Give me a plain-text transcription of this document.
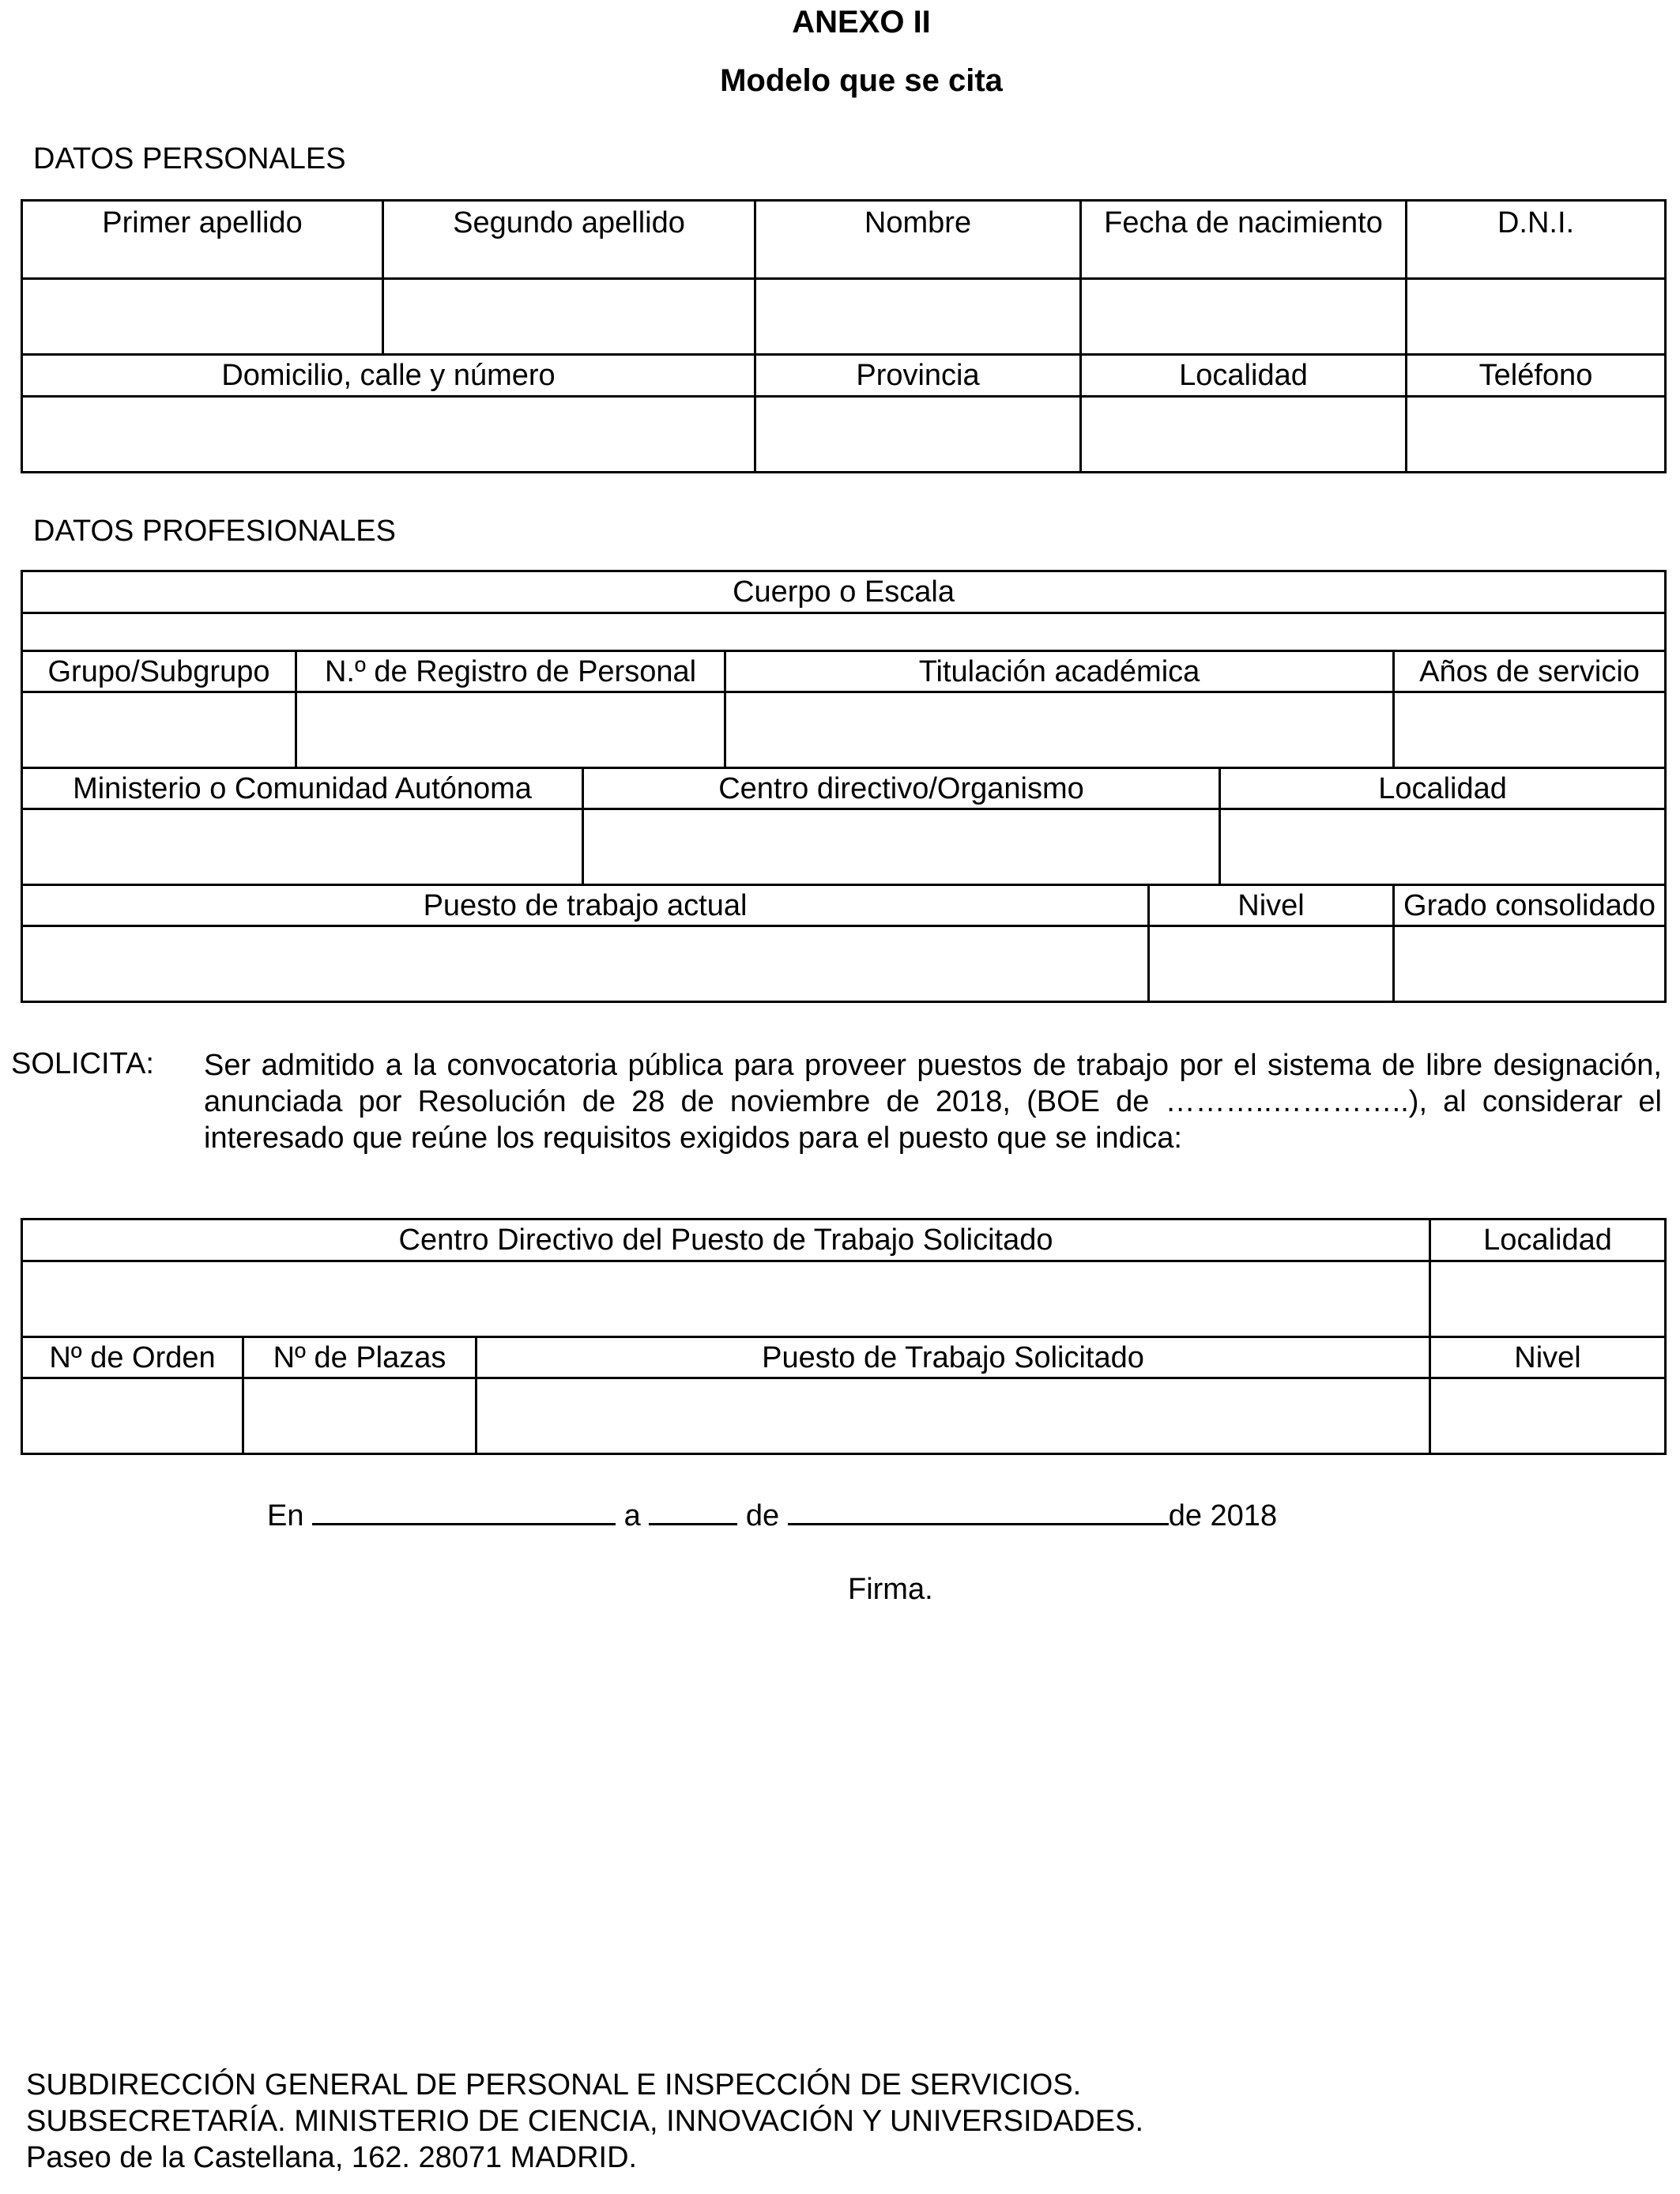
ANEXO II
Modelo que se cita
DATOS PERSONALES
Primer apellido	Segundo apellido	Nombre	Fecha de nacimiento	D.N.I.

Domicilio, calle y número		Provincia	Localidad	Teléfono

DATOS PROFESIONALES
Cuerpo o Escala						

Grupo/Subgrupo	N.º de Registro de Personal		Titulación académica			Años de servicio

Ministerio o Comunidad Autónoma		Centro directivo/Organismo			Localidad	

Puesto de trabajo actual				Nivel		Grado consolidado

SOLICITA: Ser admitido a la convocatoria pública para proveer puestos de trabajo por el sistema de libre designación, anunciada por Resolución de 28 de noviembre de 2018, (BOE de ………..…………..), al considerar el interesado que reúne los requisitos exigidos para el puesto que se indica:
Centro Directivo del Puesto de Trabajo Solicitado			Localidad

Nº de Orden	Nº de Plazas	Puesto de Trabajo Solicitado	Nivel

En	a	de	de 2018
Firma.
SUBDIRECCIÓN GENERAL DE PERSONAL E INSPECCIÓN DE SERVICIOS.
SUBSECRETARÍA. MINISTERIO DE CIENCIA, INNOVACIÓN Y UNIVERSIDADES.
Paseo de la Castellana, 162. 28071 MADRID.
